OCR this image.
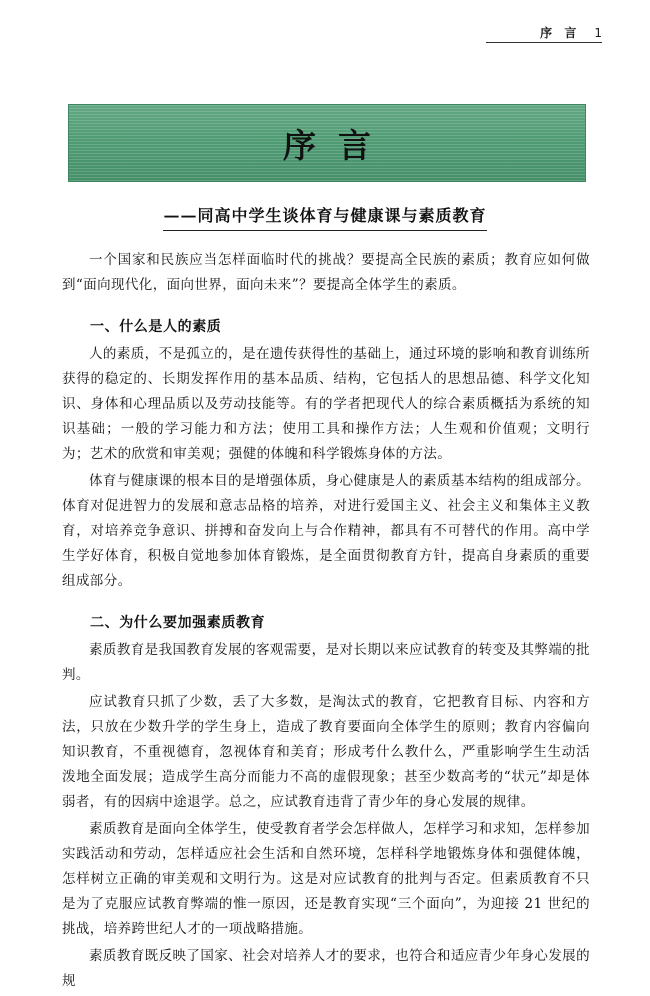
序 言 1
序言
——同高中学生谈体育与健康课与素质教育

一个国家和民族应当怎样面临时代的挑战？要提高全民族的素质；教育应如何做到“面向现代化，面向世界，面向未来”？要提高全体学生的素质。

一、什么是人的素质

人的素质，不是孤立的，是在遗传获得性的基础上，通过环境的影响和教育训练所获得的稳定的、长期发挥作用的基本品质、结构，它包括人的思想品德、科学文化知识、身体和心理品质以及劳动技能等。有的学者把现代人的综合素质概括为系统的知识基础；一般的学习能力和方法；使用工具和操作方法；人生观和价值观；文明行为；艺术的欣赏和审美观；强健的体魄和科学锻炼身体的方法。

体育与健康课的根本目的是增强体质，身心健康是人的素质基本结构的组成部分。体育对促进智力的发展和意志品格的培养，对进行爱国主义、社会主义和集体主义教育，对培养竞争意识、拼搏和奋发向上与合作精神，都具有不可替代的作用。高中学生学好体育，积极自觉地参加体育锻炼，是全面贯彻教育方针，提高自身素质的重要组成部分。

二、为什么要加强素质教育

素质教育是我国教育发展的客观需要，是对长期以来应试教育的转变及其弊端的批判。

应试教育只抓了少数，丢了大多数，是淘汰式的教育，它把教育目标、内容和方法，只放在少数升学的学生身上，造成了教育要面向全体学生的原则；教育内容偏向知识教育，不重视德育，忽视体育和美育；形成考什么教什么，严重影响学生生动活泼地全面发展；造成学生高分而能力不高的虚假现象；甚至少数高考的“状元”却是体弱者，有的因病中途退学。总之，应试教育违背了青少年的身心发展的规律。

素质教育是面向全体学生，使受教育者学会怎样做人，怎样学习和求知，怎样参加实践活动和劳动，怎样适应社会生活和自然环境，怎样科学地锻炼身体和强健体魄，怎样树立正确的审美观和文明行为。这是对应试教育的批判与否定。但素质教育不只是为了克服应试教育弊端的惟一原因，还是教育实现“三个面向”，为迎接 21 世纪的挑战，培养跨世纪人才的一项战略措施。

素质教育既反映了国家、社会对培养人才的要求，也符合和适应青少年身心发展的规
